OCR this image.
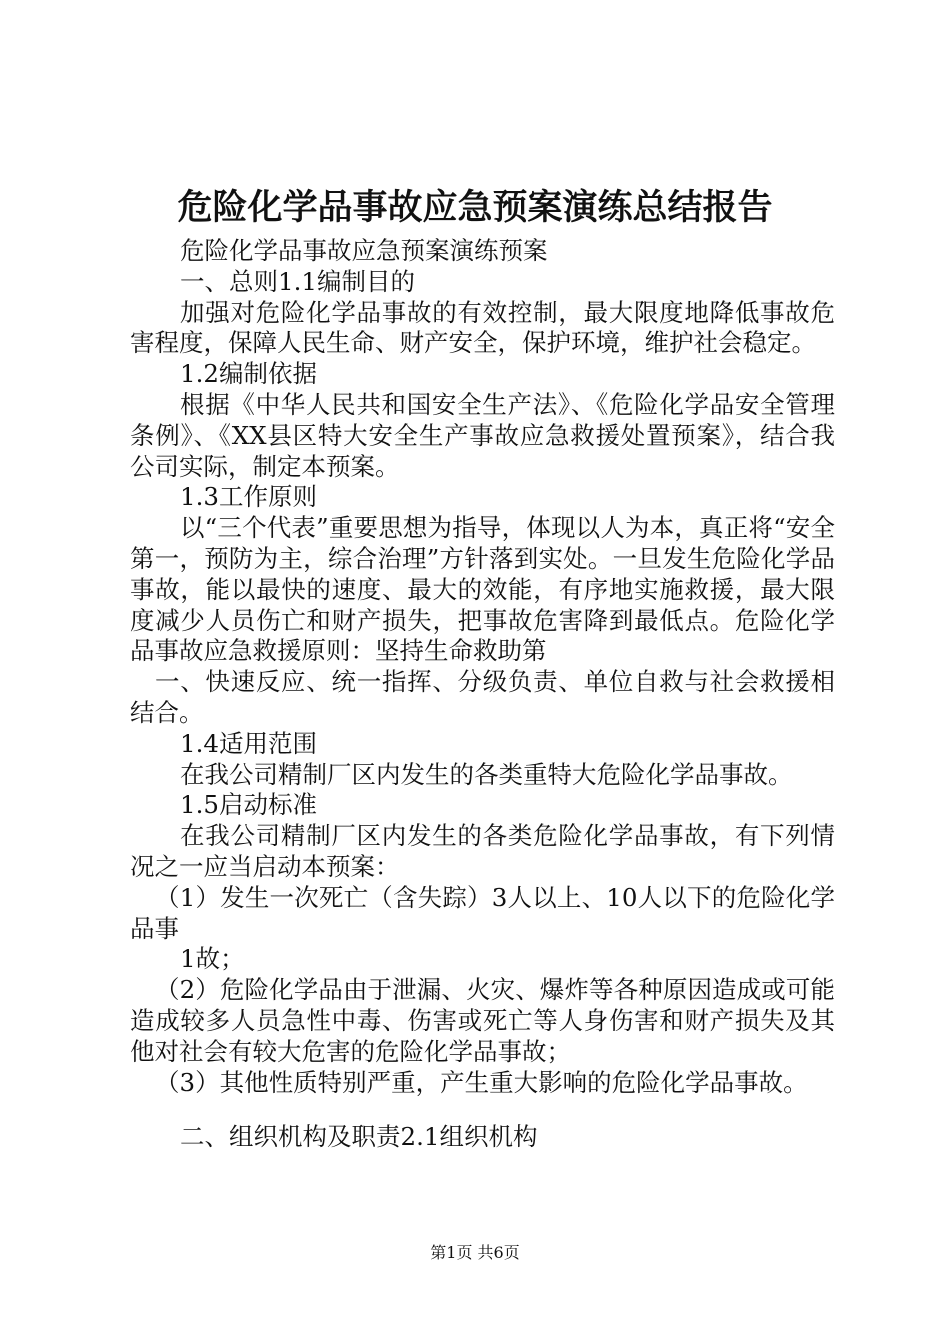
危险化学品事故应急预案演练总结报告

危险化学品事故应急预案演练预案

一、总则1.1编制目的

加强对危险化学品事故的有效控制，最大限度地降低事故危害程度，保障人民生命、财产安全，保护环境，维护社会稳定。

1.2编制依据

根据《中华人民共和国安全生产法》、《危险化学品安全管理条例》、《XX县区特大安全生产事故应急救援处置预案》，结合我公司实际，制定本预案。

1.3工作原则

以“三个代表”重要思想为指导，体现以人为本，真正将“安全第一，预防为主，综合治理”方针落到实处。一旦发生危险化学品事故，能以最快的速度、最大的效能，有序地实施救援，最大限度减少人员伤亡和财产损失，把事故危害降到最低点。危险化学品事故应急救援原则：坚持生命救助第

一、快速反应、统一指挥、分级负责、单位自救与社会救援相结合。

1.4适用范围

在我公司精制厂区内发生的各类重特大危险化学品事故。

1.5启动标准

在我公司精制厂区内发生的各类危险化学品事故，有下列情况之一应当启动本预案：

（1）发生一次死亡（含失踪）3人以上、10人以下的危险化学品事

1故；

（2）危险化学品由于泄漏、火灾、爆炸等各种原因造成或可能造成较多人员急性中毒、伤害或死亡等人身伤害和财产损失及其他对社会有较大危害的危险化学品事故；

（3）其他性质特别严重，产生重大影响的危险化学品事故。

二、组织机构及职责2.1组织机构

第1页 共6页
